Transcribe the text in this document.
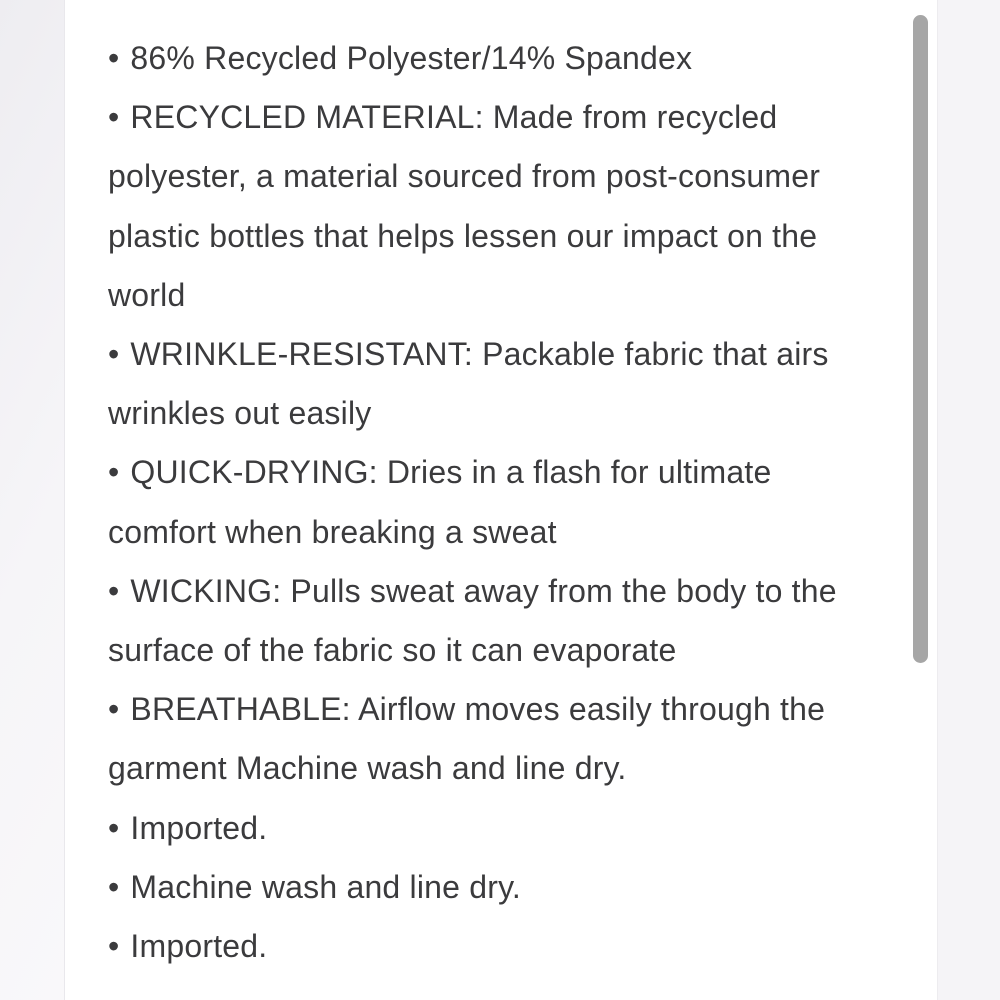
• 86% Recycled Polyester/14% Spandex

• RECYCLED MATERIAL: Made from recycled
polyester, a material sourced from post-consumer
plastic bottles that helps lessen our impact on the
world

• WRINKLE-RESISTANT: Packable fabric that airs
wrinkles out easily

• QUICK-DRYING: Dries in a flash for ultimate
comfort when breaking a sweat

• WICKING: Pulls sweat away from the body to the
surface of the fabric so it can evaporate

• BREATHABLE: Airflow moves easily through the
garment Machine wash and line dry.

• Imported.

• Machine wash and line dry.

• Imported.
